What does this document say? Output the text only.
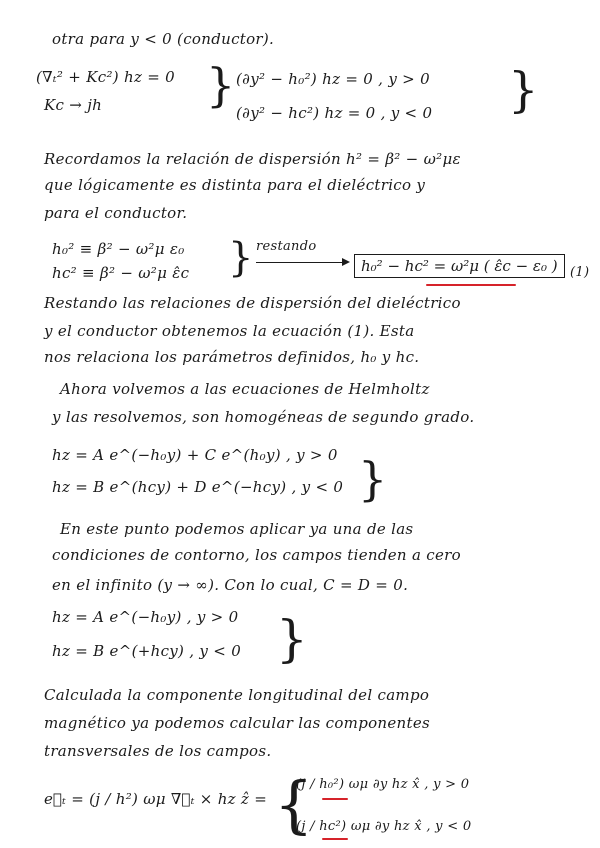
otra para y < 0 (conductor).
(∇ₜ² + Kc²) hz = 0
Kc → jh } (∂y² − h₀²) hz = 0 , y > 0
(∂y² − hc²) hz = 0 , y < 0 }
Recordamos la relación de dispersión h² = β² − ω²με
que lógicamente es distinta para el dieléctrico y
para el conductor.
h₀² ≡ β² − ω²μ ε₀
hc² ≡ β² − ω²μ ε̂c } restando
h₀² − hc² = ω²μ ( ε̂c − ε₀ ) (1)
Restando las relaciones de dispersión del dieléctrico
y el conductor obtenemos la ecuación (1). Esta
nos relaciona los parámetros definidos, h₀ y hc.
Ahora volvemos a las ecuaciones de Helmholtz
y las resolvemos, son homogéneas de segundo grado.
hz = A e^(−h₀y) + C e^(h₀y) , y > 0
hz = B e^(hcy) + D e^(−hcy) , y < 0 }
En este punto podemos aplicar ya una de las
condiciones de contorno, los campos tienden a cero
en el infinito (y → ∞). Con lo cual, C = D = 0.
hz = A e^(−h₀y) , y > 0
hz = B e^(+hcy) , y < 0 }
Calculada la componente longitudinal del campo
magnético ya podemos calcular las componentes
transversales de los campos.
e⃗ₜ = (j / h²) ωμ ∇⃗ₜ × hz ẑ = {
(j / h₀²) ωμ ∂y hz x̂ , y > 0
(j / hc²) ωμ ∂y hz x̂ , y < 0
